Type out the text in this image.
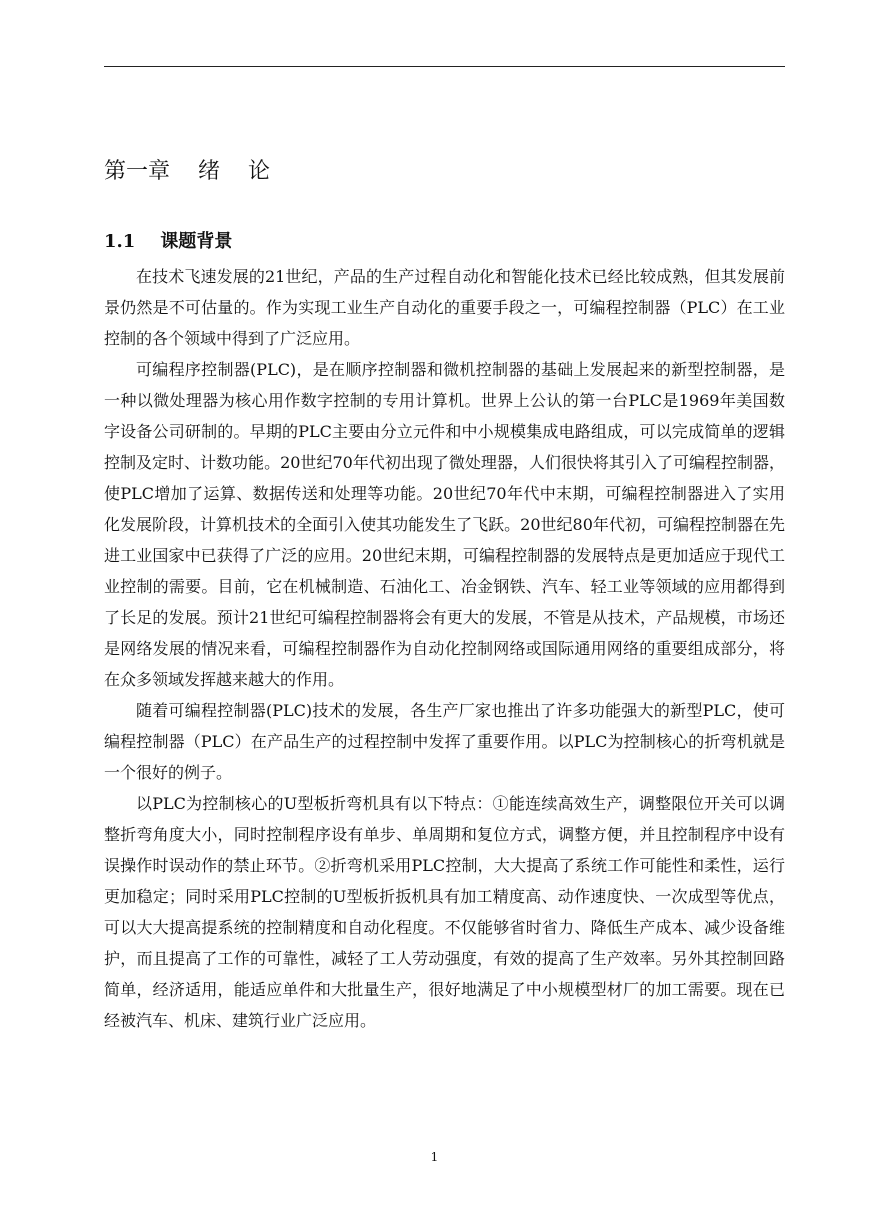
第一章    绪    论
1.1    课题背景

在技术飞速发展的21世纪，产品的生产过程自动化和智能化技术已经比较成熟，但其发展前景仍然是不可估量的。作为实现工业生产自动化的重要手段之一，可编程控制器（PLC）在工业控制的各个领域中得到了广泛应用。

可编程序控制器(PLC)，是在顺序控制器和微机控制器的基础上发展起来的新型控制器，是一种以微处理器为核心用作数字控制的专用计算机。世界上公认的第一台PLC是1969年美国数字设备公司研制的。早期的PLC主要由分立元件和中小规模集成电路组成，可以完成简单的逻辑控制及定时、计数功能。20世纪70年代初出现了微处理器，人们很快将其引入了可编程控制器，使PLC增加了运算、数据传送和处理等功能。20世纪70年代中末期，可编程控制器进入了实用化发展阶段，计算机技术的全面引入使其功能发生了飞跃。20世纪80年代初，可编程控制器在先进工业国家中已获得了广泛的应用。20世纪末期，可编程控制器的发展特点是更加适应于现代工业控制的需要。目前，它在机械制造、石油化工、冶金钢铁、汽车、轻工业等领域的应用都得到了长足的发展。预计21世纪可编程控制器将会有更大的发展，不管是从技术，产品规模，市场还是网络发展的情况来看，可编程控制器作为自动化控制网络或国际通用网络的重要组成部分，将在众多领域发挥越来越大的作用。

随着可编程控制器(PLC)技术的发展，各生产厂家也推出了许多功能强大的新型PLC，使可编程控制器（PLC）在产品生产的过程控制中发挥了重要作用。以PLC为控制核心的折弯机就是一个很好的例子。

以PLC为控制核心的U型板折弯机具有以下特点：①能连续高效生产，调整限位开关可以调整折弯角度大小，同时控制程序设有单步、单周期和复位方式，调整方便，并且控制程序中设有误操作时误动作的禁止环节。②折弯机采用PLC控制，大大提高了系统工作可能性和柔性，运行更加稳定；同时采用PLC控制的U型板折扳机具有加工精度高、动作速度快、一次成型等优点，可以大大提高提系统的控制精度和自动化程度。不仅能够省时省力、降低生产成本、减少设备维护，而且提高了工作的可靠性，减轻了工人劳动强度，有效的提高了生产效率。另外其控制回路简单，经济适用，能适应单件和大批量生产，很好地满足了中小规模型材厂的加工需要。现在已经被汽车、机床、建筑行业广泛应用。

1
